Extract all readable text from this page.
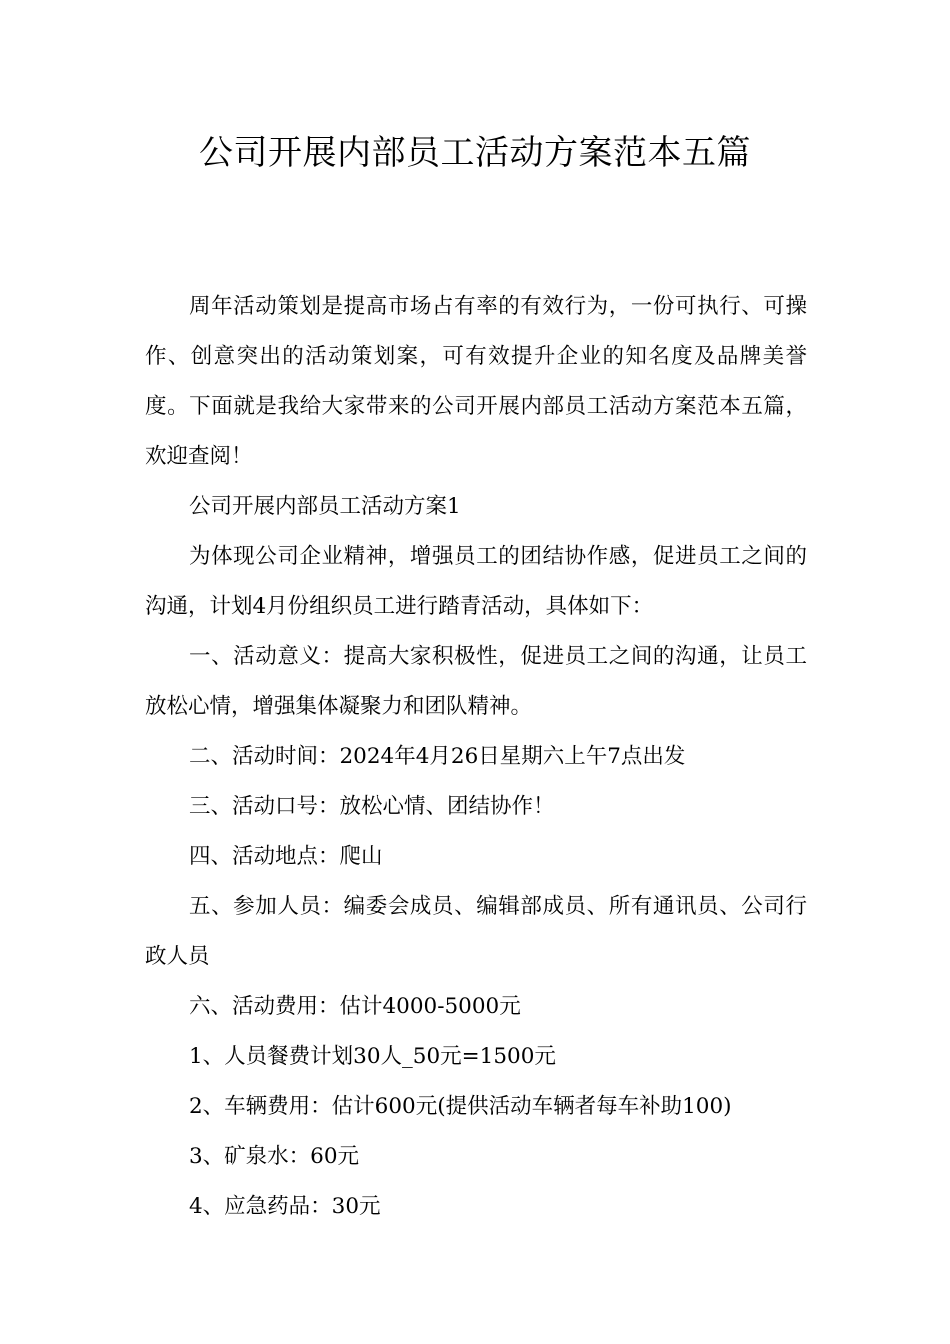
公司开展内部员工活动方案范本五篇

周年活动策划是提高市场占有率的有效行为，一份可执行、可操作、创意突出的活动策划案，可有效提升企业的知名度及品牌美誉度。下面就是我给大家带来的公司开展内部员工活动方案范本五篇，欢迎查阅！

公司开展内部员工活动方案1

为体现公司企业精神，增强员工的团结协作感，促进员工之间的沟通，计划4月份组织员工进行踏青活动，具体如下：

一、活动意义：提高大家积极性，促进员工之间的沟通，让员工放松心情，增强集体凝聚力和团队精神。

二、活动时间：2024年4月26日星期六上午7点出发

三、活动口号：放松心情、团结协作！

四、活动地点：爬山

五、参加人员：编委会成员、编辑部成员、所有通讯员、公司行政人员

六、活动费用：估计4000-5000元

1、人员餐费计划30人_50元=1500元

2、车辆费用：估计600元(提供活动车辆者每车补助100)

3、矿泉水：60元

4、应急药品：30元
